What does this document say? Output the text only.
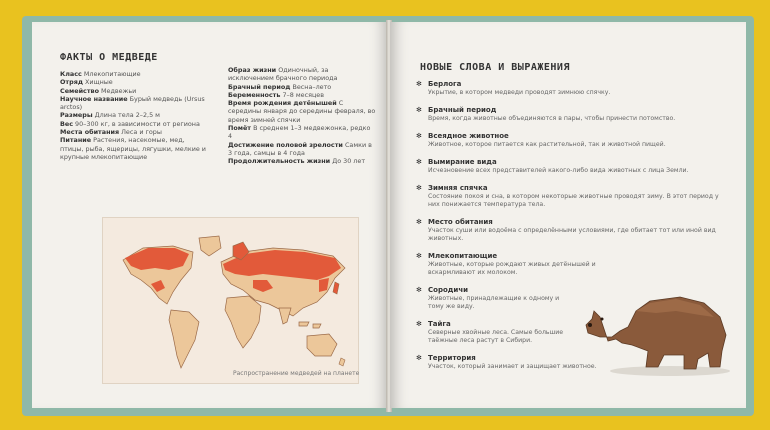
ФАКТЫ О МЕДВЕДЕ
Класс Млекопитающие
Отряд Хищные
Семейство Медвежьи
Научное название Бурый медведь (Ursus arctos)
Размеры Длина тела 2–2,5 м
Вес 90–300 кг, в зависимости от региона
Места обитания Леса и горы
Питание Растения, насекомые, мед, птицы, рыба, ящерицы, лягушки, мелкие и крупные млекопитающие
Образ жизни Одиночный, за исключением брачного периода
Брачный период Весна–лето
Беременность 7–8 месяцев
Время рождения детёнышей С середины января до середины февраля, во время зимней спячки
Помёт В среднем 1–3 медвежонка, редко 4
Достижение половой зрелости Самки в 3 года, самцы в 4 года
Продолжительность жизни До 30 лет
Распространение медведей на планете
НОВЫЕ СЛОВА И ВЫРАЖЕНИЯ
✻ Берлога
Укрытие, в котором медведи проводят зимнюю спячку.
✻ Брачный период
Время, когда животные объединяются в пары, чтобы принести потомство.
✻ Всеядное животное
Животное, которое питается как растительной, так и животной пищей.
✻ Вымирание вида
Исчезновение всех представителей какого-либо вида животных с лица Земли.
✻ Зимняя спячка
Состояние покоя и сна, в котором некоторые животные проводят зиму. В этот период у них понижается температура тела.
✻ Место обитания
Участок суши или водоёма с определёнными условиями, где обитает тот или иной вид животных.
✻ Млекопитающие
Животные, которые рождают живых детёнышей и вскармливают их молоком.
✻ Сородичи
Животные, принадлежащие к одному и тому же виду.
✻ Тайга
Северные хвойные леса. Самые большие таёжные леса растут в Сибири.
✻ Территория
Участок, который занимает и защищает животное.
